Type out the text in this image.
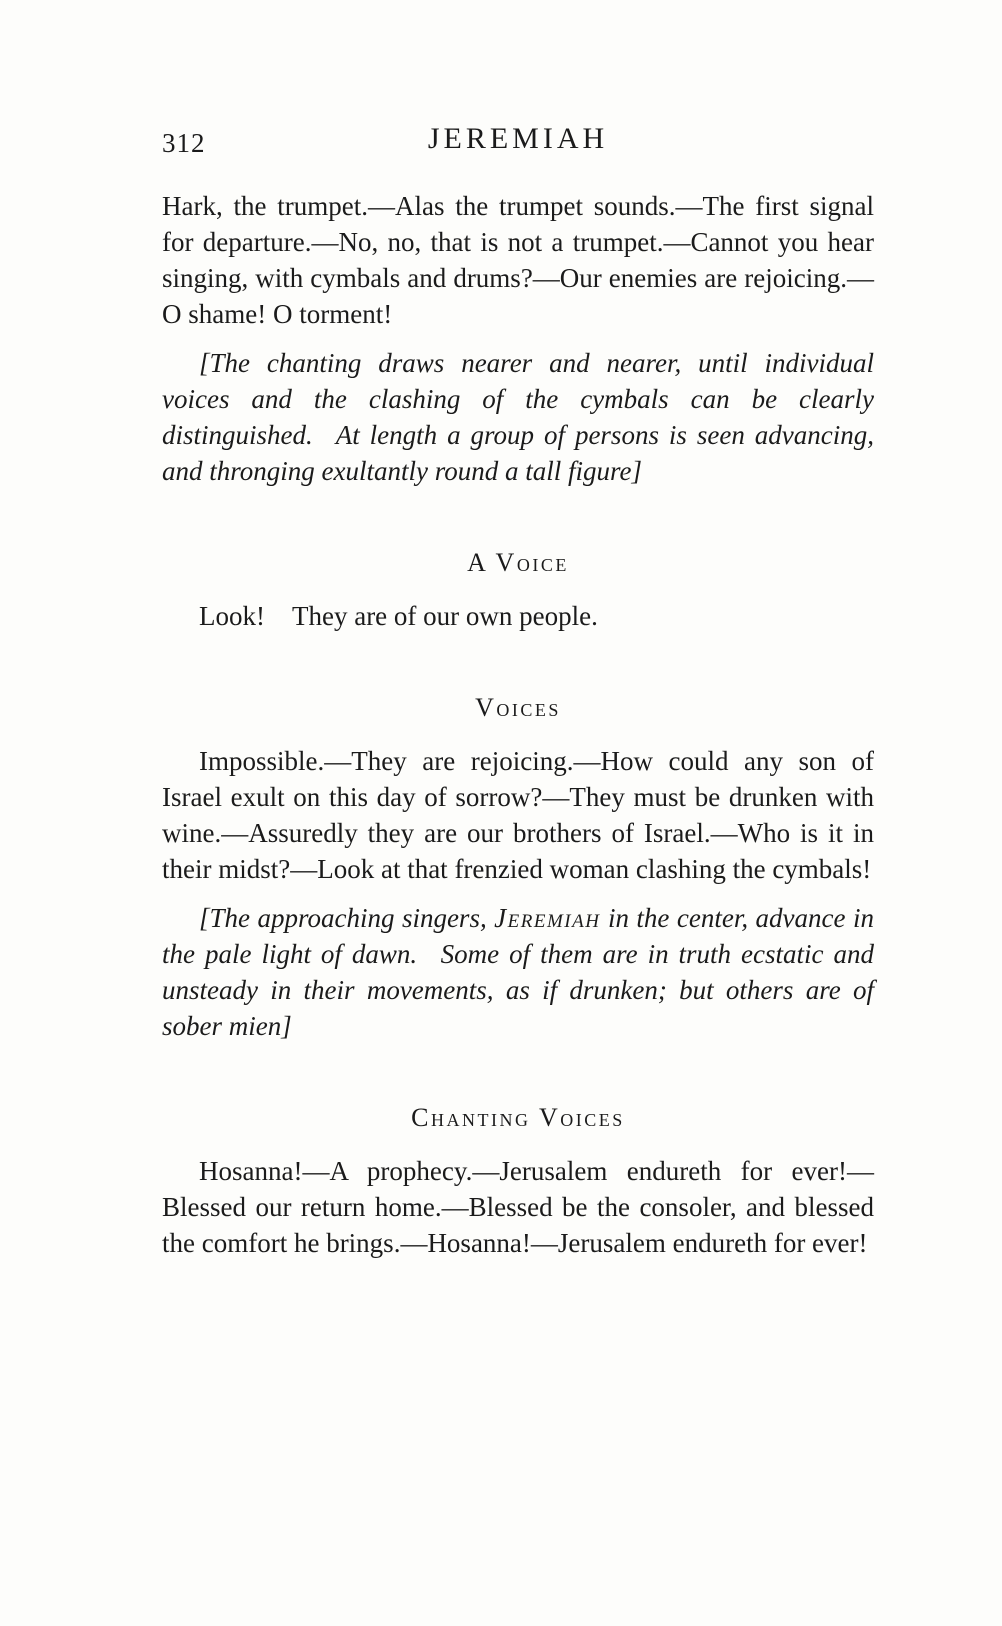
312	JEREMIAH
Hark, the trumpet.—Alas the trumpet sounds.—The first signal for departure.—No, no, that is not a trumpet.—Cannot you hear singing, with cymbals and drums?—Our enemies are rejoicing.—O shame! O torment!
[The chanting draws nearer and nearer, until individual voices and the clashing of the cymbals can be clearly distinguished.  At length a group of persons is seen advancing, and thronging exultantly round a tall figure]
A Voice
Look! They are of our own people.
Voices
Impossible.—They are rejoicing.—How could any son of Israel exult on this day of sorrow?—They must be drunken with wine.—Assuredly they are our brothers of Israel.—Who is it in their midst?—Look at that frenzied woman clashing the cymbals!
[The approaching singers, Jeremiah in the center, advance in the pale light of dawn.  Some of them are in truth ecstatic and unsteady in their movements, as if drunken; but others are of sober mien]
Chanting Voices
Hosanna!—A prophecy.—Jerusalem endureth for ever!—Blessed our return home.—Blessed be the consoler, and blessed the comfort he brings.—Hosanna!—Jerusalem endureth for ever!
